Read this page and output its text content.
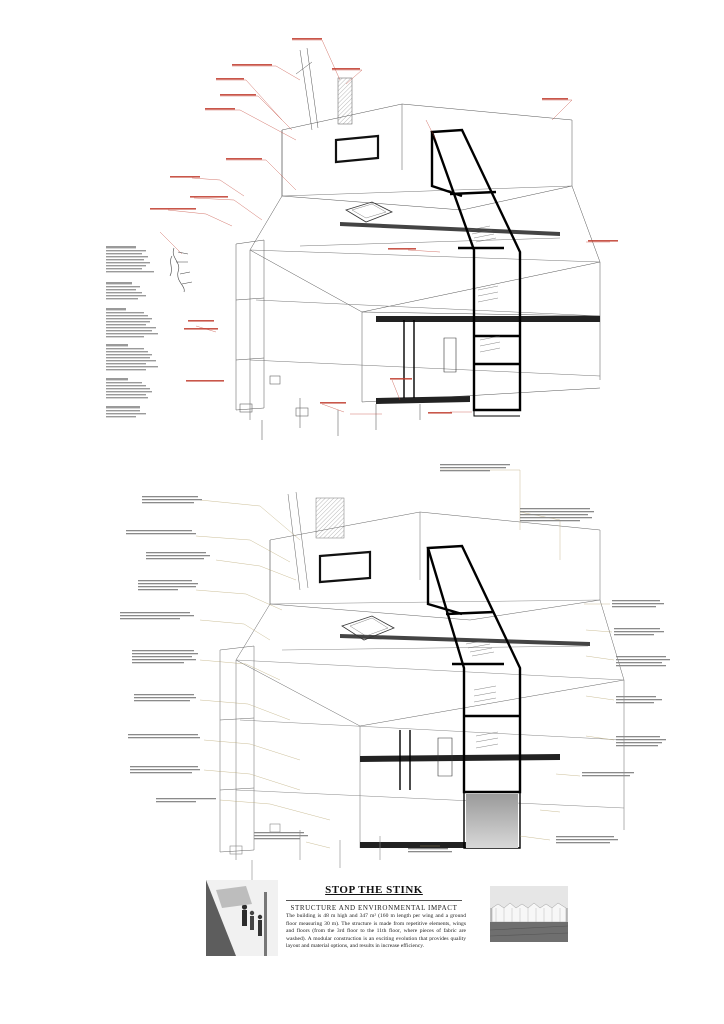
STOP THE STINK
STRUCTURE AND ENVIRONMENTAL IMPACT
The building is 48 m high and 347 m² (160 m length per wing and a ground floor measuring 30 m). The structure is made from repetitive elements, wings and floors (from the 3rd floor to the 11th floor, where pieces of fabric are washed). A modular construction is an exciting evolution that provides quality layout and material options, and results in increase efficiency.
